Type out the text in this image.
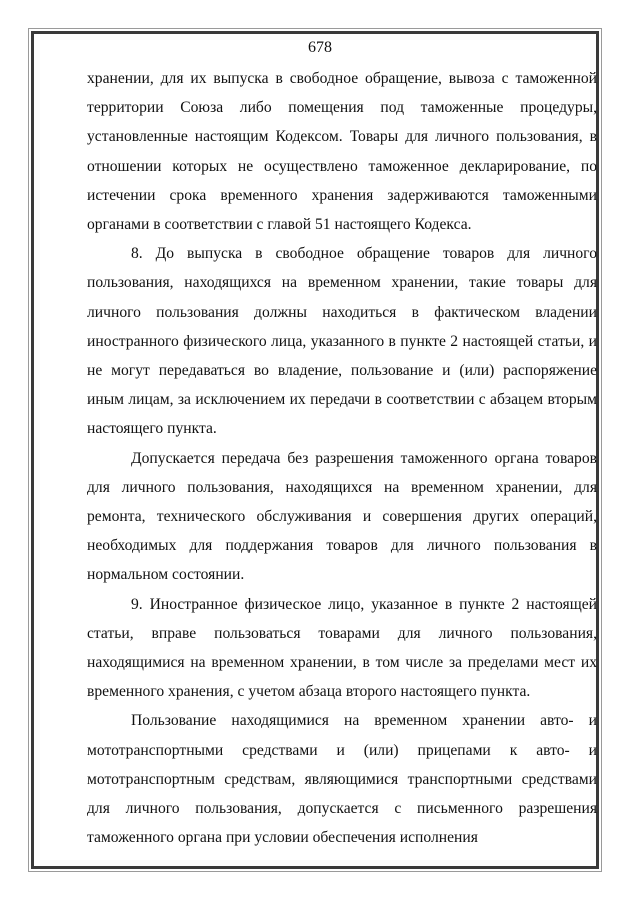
678

хранении, для их выпуска в свободное обращение, вывоза с таможенной территории Союза либо помещения под таможенные процедуры, установленные настоящим Кодексом. Товары для личного пользования, в отношении которых не осуществлено таможенное декларирование, по истечении срока временного хранения задерживаются таможенными органами в соответствии с главой 51 настоящего Кодекса.

8. До выпуска в свободное обращение товаров для личного пользования, находящихся на временном хранении, такие товары для личного пользования должны находиться в фактическом владении иностранного физического лица, указанного в пункте 2 настоящей статьи, и не могут передаваться во владение, пользование и (или) распоряжение иным лицам, за исключением их передачи в соответствии с абзацем вторым настоящего пункта.

Допускается передача без разрешения таможенного органа товаров для личного пользования, находящихся на временном хранении, для ремонта, технического обслуживания и совершения других операций, необходимых для поддержания товаров для личного пользования в нормальном состоянии.

9. Иностранное физическое лицо, указанное в пункте 2 настоящей статьи, вправе пользоваться товарами для личного пользования, находящимися на временном хранении, в том числе за пределами мест их временного хранения, с учетом абзаца второго настоящего пункта.

Пользование находящимися на временном хранении авто- и мототранспортными средствами и (или) прицепами к авто- и мототранспортным средствам, являющимися транспортными средствами для личного пользования, допускается с письменного разрешения таможенного органа при условии обеспечения исполнения
